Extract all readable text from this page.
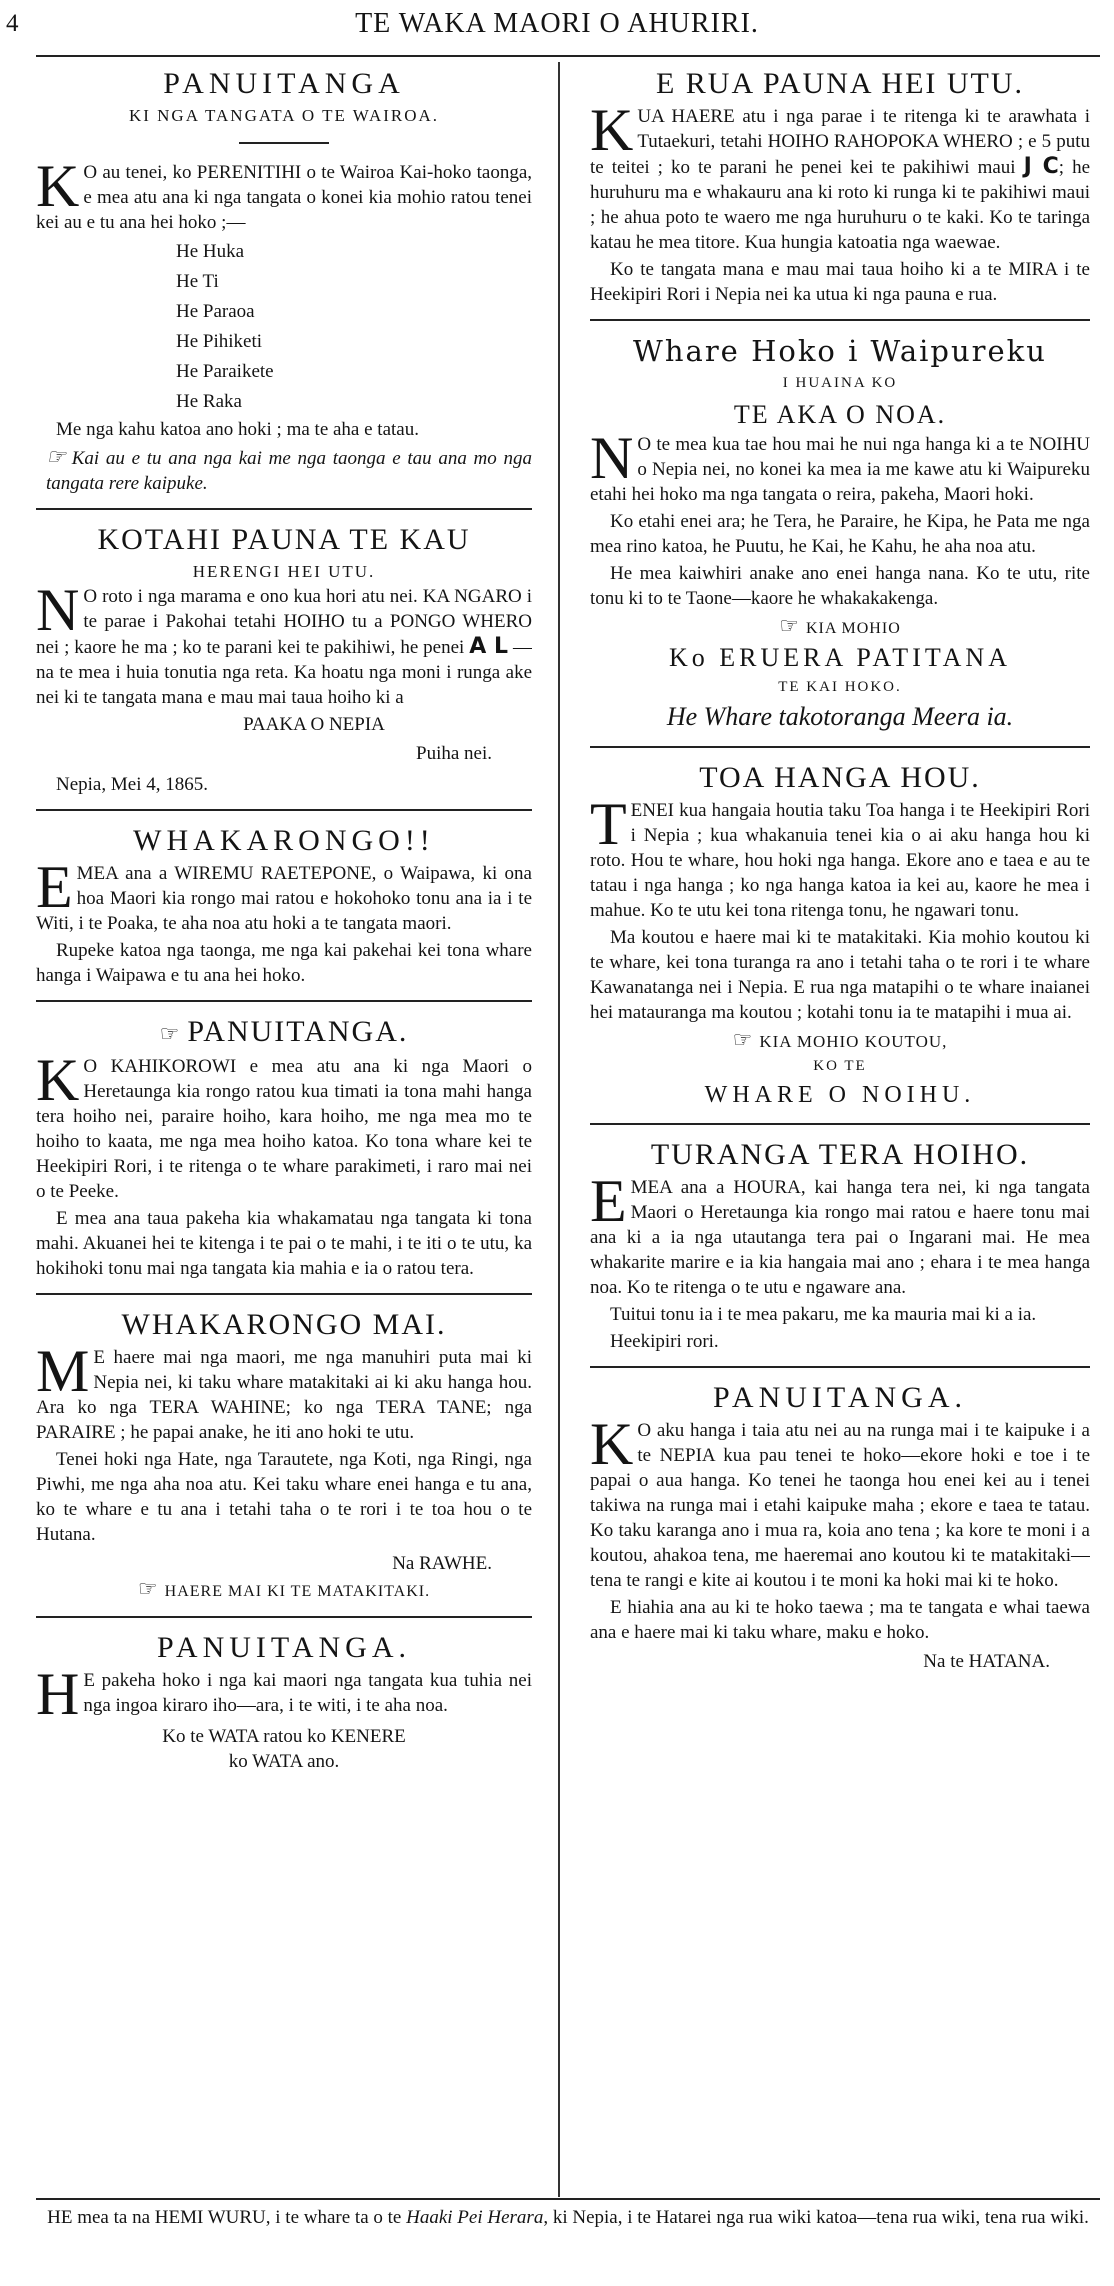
4	TE WAKA MAORI O AHURIRI.
PANUITANGA
KI NGA TANGATA O TE WAIROA.

K O au tenei, ko PERENITIHI o te Wairoa Kai-hoko taonga, e mea atu ana ki nga tangata o konei kia mohio ratou tenei kei au e tu ana hei hoko ;—

He Huka
He Ti
He Paraoa
He Pihiketi
He Paraikete
He Raka

Me nga kahu katoa ano hoki ; ma te aha e tatau.

☞ Kai au e tu ana nga kai me nga taonga e tau ana mo nga tangata rere kaipuke.

KOTAHI PAUNA TE KAU
HERENGI HEI UTU.

N O roto i nga marama e ono kua hori atu nei. KA NGARO i te parae i Pakohai tetahi HOIHO tu a PONGO WHERO nei ; kaore he ma ; ko te parani kei te pakihiwi, he penei A L —na te mea i huia tonutia nga reta. Ka hoatu nga moni i runga ake nei ki te tangata mana e mau mai taua hoiho ki a

PAAKA O NEPIA
Puiha nei.
Nepia, Mei 4, 1865.
WHAKARONGO!!

EMEA ana a WIREMU RAETEPONE, o Waipawa, ki ona hoa Maori kia rongo mai ratou e hokohoko tonu ana ia i te Witi, i te Poaka, te aha noa atu hoki a te tangata maori.

Rupeke katoa nga taonga, me nga kai pakehai kei tona whare hanga i Waipawa e tu ana hei hoko.

☞ PANUITANGA.

K O KAHIKOROWI e mea atu ana ki nga Maori o Heretaunga kia rongo ratou kua timati ia tona mahi hanga tera hoiho nei, paraire hoiho, kara hoiho, me nga mea mo te hoiho to kaata, me nga mea hoiho katoa. Ko tona whare kei te Heekipiri Rori, i te ritenga o te whare parakimeti, i raro mai nei o te Peeke.

E mea ana taua pakeha kia whakamatau nga tangata ki tona mahi. Akuanei hei te kitenga i te pai o te mahi, i te iti o te utu, ka hokihoki tonu mai nga tangata kia mahia e ia o ratou tera.

WHAKARONGO MAI.

M E haere mai nga maori, me nga manuhiri puta mai ki Nepia nei, ki taku whare matakitaki ai ki aku hanga hou. Ara ko nga TERA WAHINE; ko nga TERA TANE; nga PARAIRE ; he papai anake, he iti ano hoki te utu.

Tenei hoki nga Hate, nga Tarautete, nga Koti, nga Ringi, nga Piwhi, me nga aha noa atu. Kei taku whare enei hanga e tu ana, ko te whare e tu ana i tetahi taha o te rori i te toa hou o te Hutana.

Na RAWHE.
☞ HAERE MAI KI TE MATAKITAKI.
PANUITANGA.

H E pakeha hoko i nga kai maori nga tangata kua tuhia nei nga ingoa kiraro iho—ara, i te witi, i te aha noa.

Ko te WATA ratou ko KENERE
ko WATA ano.
E RUA PAUNA HEI UTU.

KUA HAERE atu i nga parae i te ritenga ki te arawhata i Tutaekuri, tetahi HOIHO RAHOPOKA WHERO ; e 5 putu te teitei ; ko te parani he penei kei te pakihiwi maui J C; he huruhuru ma e whakauru ana ki roto ki runga ki te pakihiwi maui ; he ahua poto te waero me nga huruhuru o te kaki. Ko te taringa katau he mea titore. Kua hungia katoatia nga waewae.

Ko te tangata mana e mau mai taua hoiho ki a te MIRA i te Heekipiri Rori i Nepia nei ka utua ki nga pauna e rua.

Whare Hoko i Waipureku
I HUAINA KO
TE AKA O NOA.

N O te mea kua tae hou mai he nui nga hanga ki a te NOIHU o Nepia nei, no konei ka mea ia me kawe atu ki Waipureku etahi hei hoko ma nga tangata o reira, pakeha, Maori hoki.

Ko etahi enei ara; he Tera, he Paraire, he Kipa, he Pata me nga mea rino katoa, he Puutu, he Kai, he Kahu, he aha noa atu.

He mea kaiwhiri anake ano enei hanga nana. Ko te utu, rite tonu ki to te Taone—kaore he whakakakenga.

☞ KIA MOHIO
Ko ERUERA PATITANA
TE KAI HOKO.
He Whare takotoranga Meera ia.
TOA HANGA HOU.

TENEI kua hangaia houtia taku Toa hanga i te Heekipiri Rori i Nepia ; kua whakanuia tenei kia o ai aku hanga hou ki roto. Hou te whare, hou hoki nga hanga. Ekore ano e taea e au te tatau i nga hanga ; ko nga hanga katoa ia kei au, kaore he mea i mahue. Ko te utu kei tona ritenga tonu, he ngawari tonu.

Ma koutou e haere mai ki te matakitaki. Kia mohio koutou ki te whare, kei tona turanga ra ano i tetahi taha o te rori i te whare Kawanatanga nei i Nepia. E rua nga matapihi o te whare inaianei hei matauranga ma koutou ; kotahi tonu ia te matapihi i mua ai.

☞ KIA MOHIO KOUTOU,
KO TE
WHARE O NOIHU.
TURANGA TERA HOIHO.

EMEA ana a HOURA, kai hanga tera nei, ki nga tangata Maori o Heretaunga kia rongo mai ratou e haere tonu mai ana ki a ia nga utautanga tera pai o Ingarani mai. He mea whakarite marire e ia kia hangaia mai ano ; ehara i te mea hanga noa. Ko te ritenga o te utu e ngaware ana.

Tuitui tonu ia i te mea pakaru, me ka mauria mai ki a ia.

Heekipiri rori.

PANUITANGA.

K O aku hanga i taia atu nei au na runga mai i te kaipuke i a te NEPIA kua pau tenei te hoko—ekore hoki e toe i te papai o aua hanga. Ko tenei he taonga hou enei kei au i tenei takiwa na runga mai i etahi kaipuke maha ; ekore e taea te tatau. Ko taku karanga ano i mua ra, koia ano tena ; ka kore te moni i a koutou, ahakoa tena, me haeremai ano koutou ki te matakitaki—tena te rangi e kite ai koutou i te moni ka hoki mai ki te hoko.

E hiahia ana au ki te hoko taewa ; ma te tangata e whai taewa ana e haere mai ki taku whare, maku e hoko.

Na te HATANA.
HE mea ta na HEMI WURU, i te whare ta o te Haaki Pei Herara, ki Nepia, i te Hatarei nga rua wiki katoa—tena rua wiki, tena rua wiki.
